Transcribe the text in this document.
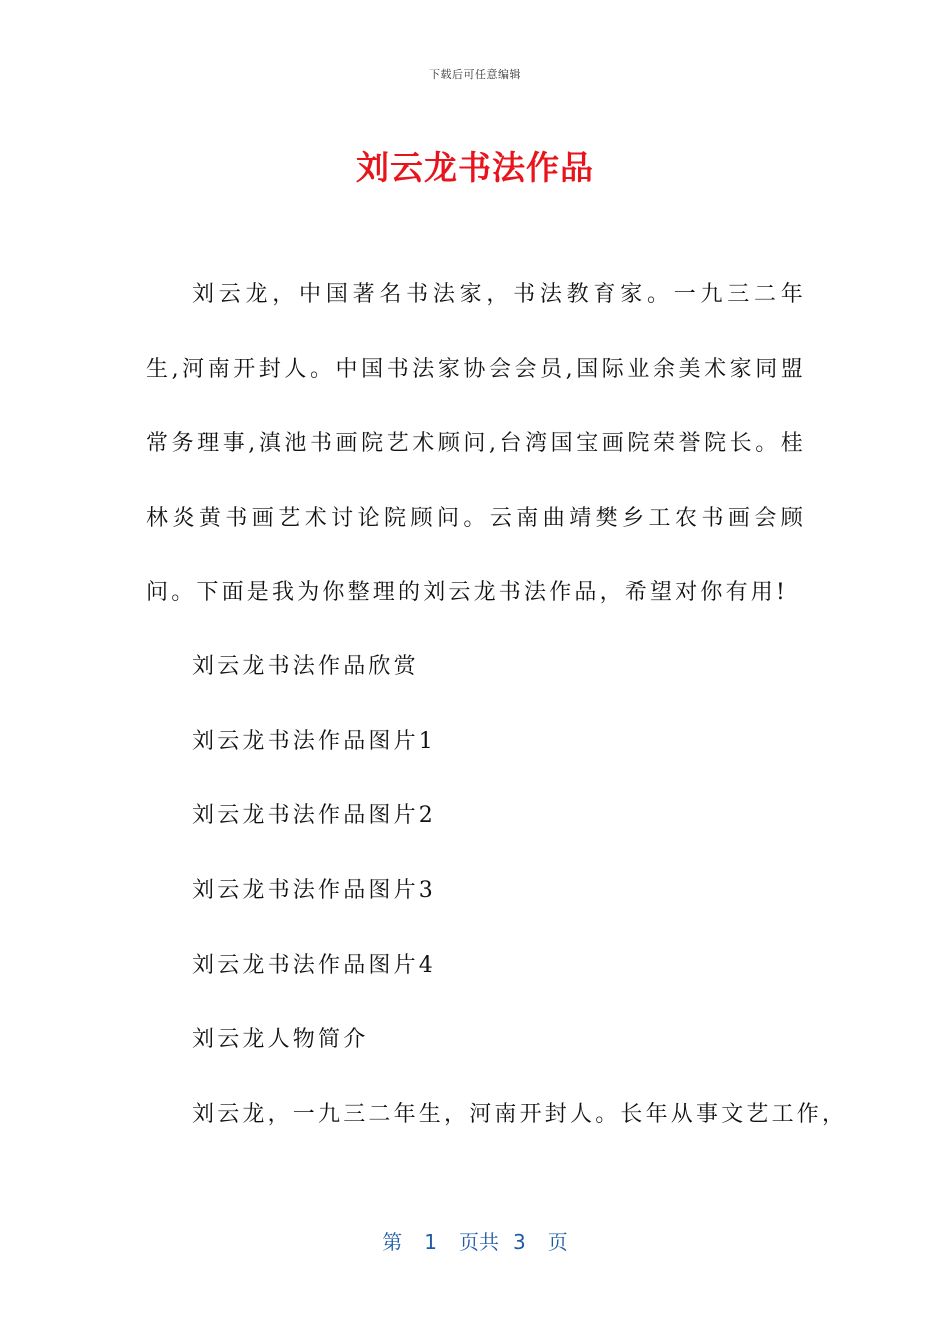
下载后可任意编辑
刘云龙书法作品

刘云龙，中国著名书法家，书法教育家。一九三二年生,河南开封人。中国书法家协会会员,国际业余美术家同盟常务理事,滇池书画院艺术顾问,台湾国宝画院荣誉院长。桂林炎黄书画艺术讨论院顾问。云南曲靖樊乡工农书画会顾问。下面是我为你整理的刘云龙书法作品，希望对你有用!

刘云龙书法作品欣赏

刘云龙书法作品图片1

刘云龙书法作品图片2

刘云龙书法作品图片3

刘云龙书法作品图片4

刘云龙人物简介

刘云龙，一九三二年生，河南开封人。长年从事文艺工作，

第 1 页共 3 页
